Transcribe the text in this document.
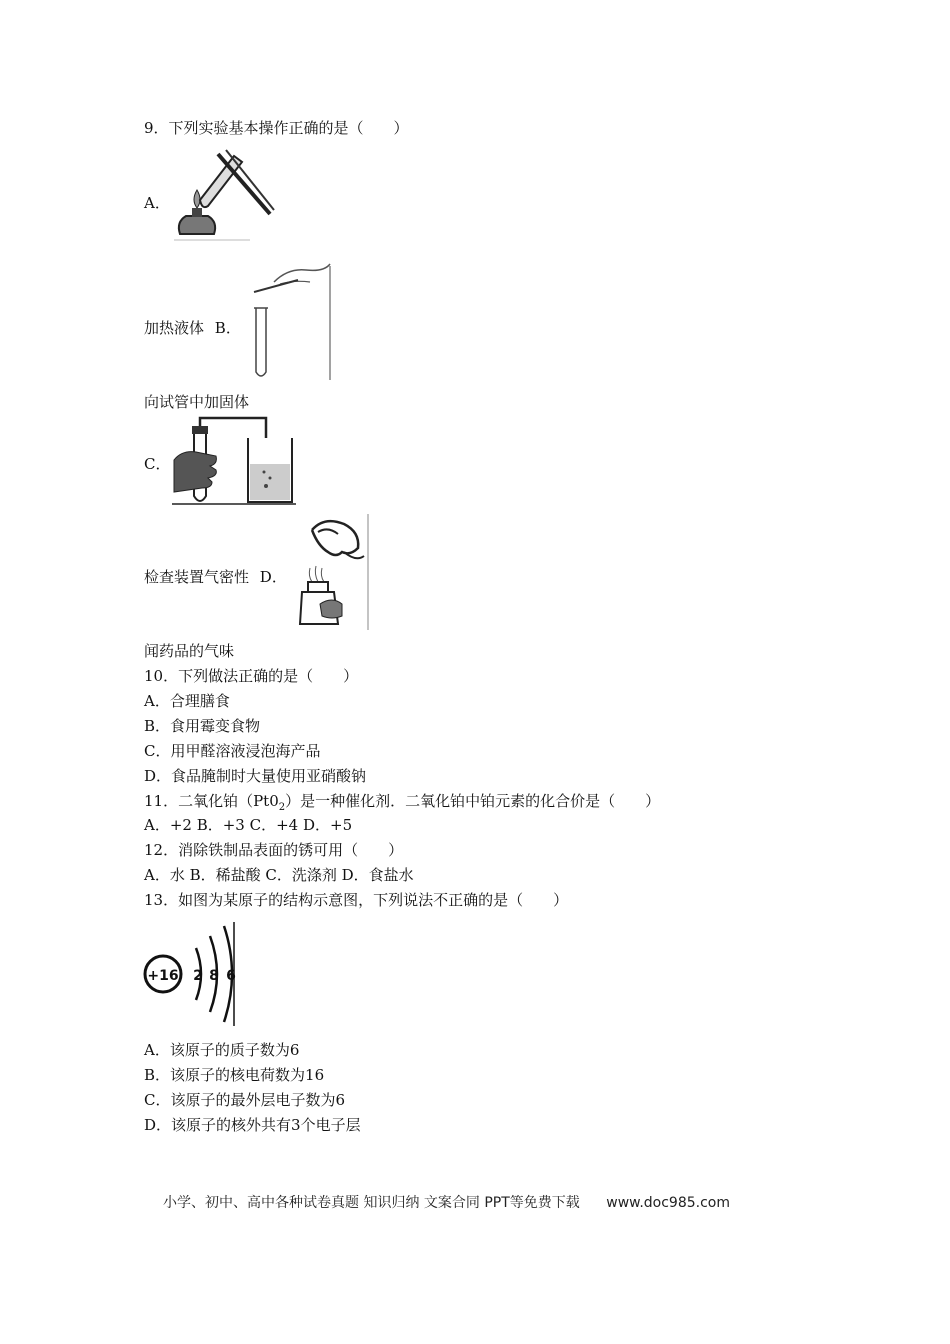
9．下列实验基本操作正确的是（　　）
A．
加热液体 B．
向试管中加固体
C．
检查装置气密性 D．
闻药品的气味
10．下列做法正确的是（　　）
A．合理膳食
B．食用霉变食物
C．用甲醛溶液浸泡海产品
D．食品腌制时大量使用亚硝酸钠
11．二氧化铂$(Pt0_2)$是一种催化剂．二氧化铂中铂元素的化合价是（　　）
A．+2 B．+3 C．+4 D．+5
12．消除铁制品表面的锈可用（　　）
A．水 B．稀盐酸 C．洗涤剂 D．食盐水
13．如图为某原子的结构示意图，下列说法不正确的是（　　）
+16 2 8 6
A．该原子的质子数为6
B．该原子的核电荷数为16
C．该原子的最外层电子数为6
D．该原子的核外共有3个电子层
小学、初中、高中各种试卷真题 知识归纳 文案合同 PPT等免费下载 www.doc985.com
